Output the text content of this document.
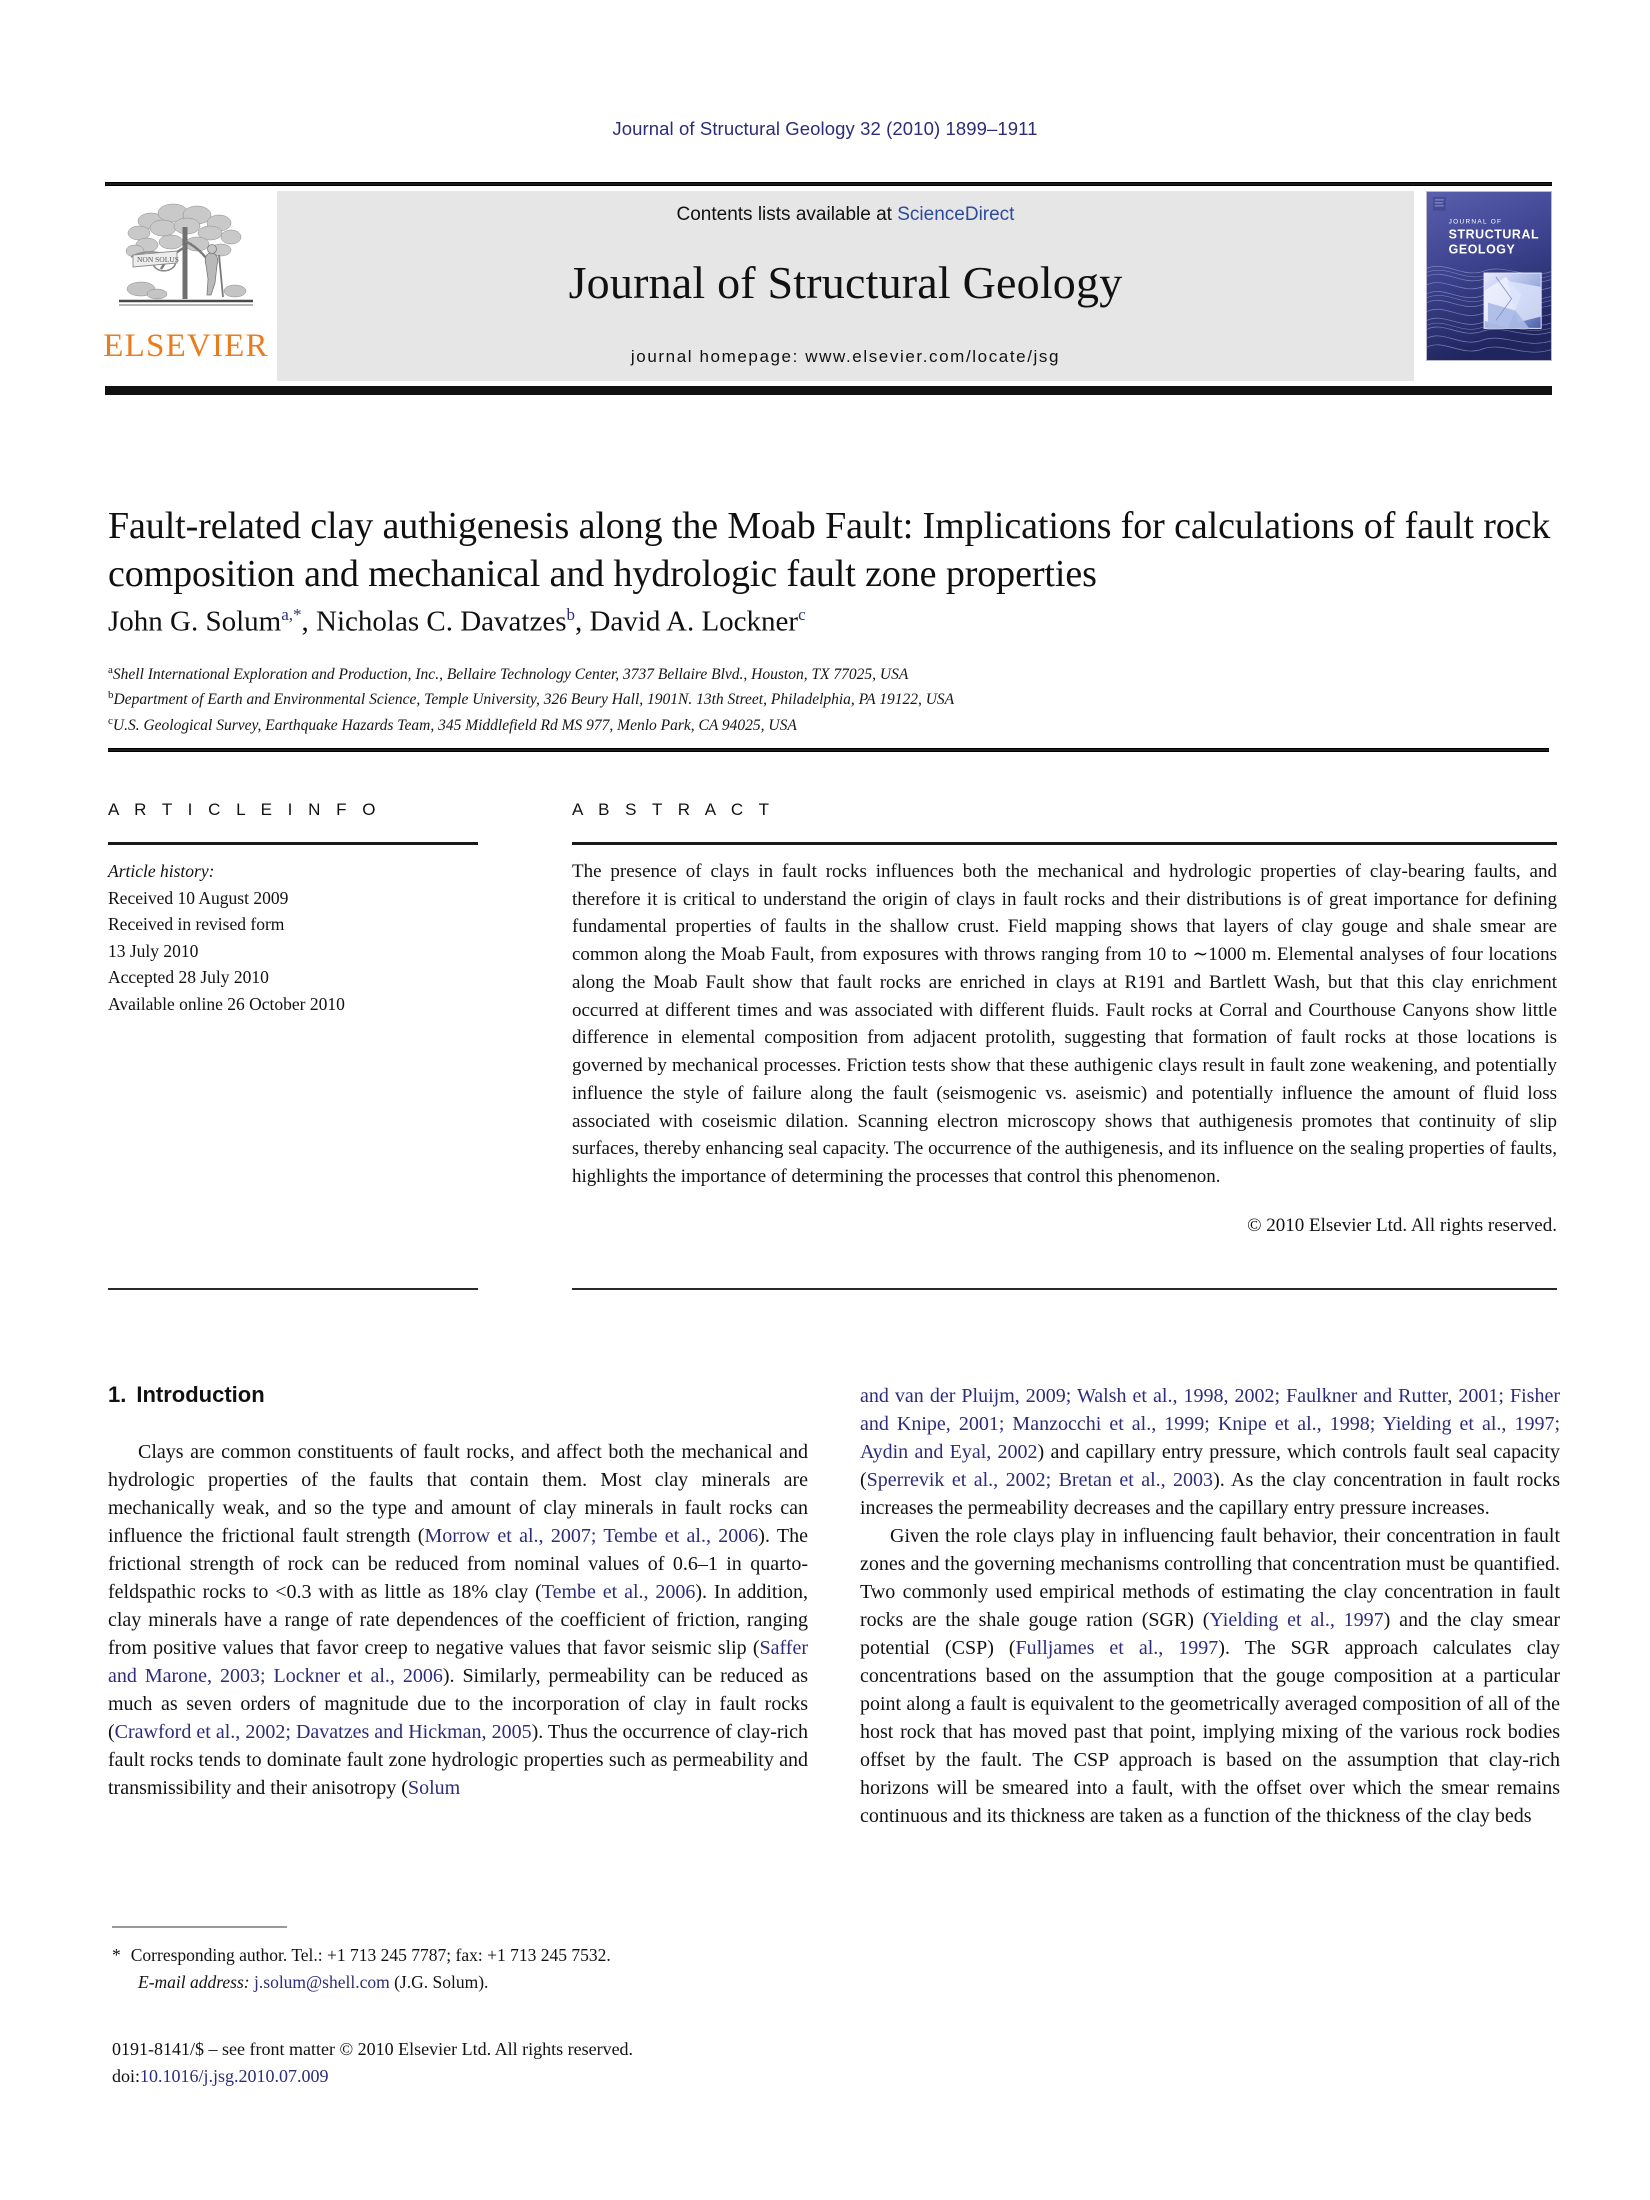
Journal of Structural Geology 32 (2010) 1899–1911
NON SOLUS
ELSEVIER
Contents lists available at ScienceDirect
Journal of Structural Geology
journal homepage: www.elsevier.com/locate/jsg
JOURNAL OF
STRUCTURAL
GEOLOGY
Fault-related clay authigenesis along the Moab Fault: Implications for calculations of fault rock composition and mechanical and hydrologic fault zone properties
John G. Solum$^{a,*}$, Nicholas C. Davatzes$^b$, David A. Lockner$^c$
$^a$Shell International Exploration and Production, Inc., Bellaire Technology Center, 3737 Bellaire Blvd., Houston, TX 77025, USA
$^b$Department of Earth and Environmental Science, Temple University, 326 Beury Hall, 1901N. 13th Street, Philadelphia, PA 19122, USA
$^c$U.S. Geological Survey, Earthquake Hazards Team, 345 Middlefield Rd MS 977, Menlo Park, CA 94025, USA
A R T I C L E I N F O
Article history:
Received 10 August 2009
Received in revised form
13 July 2010
Accepted 28 July 2010
Available online 26 October 2010
A B S T R A C T
The presence of clays in fault rocks influences both the mechanical and hydrologic properties of clay-bearing faults, and therefore it is critical to understand the origin of clays in fault rocks and their distributions is of great importance for defining fundamental properties of faults in the shallow crust. Field mapping shows that layers of clay gouge and shale smear are common along the Moab Fault, from exposures with throws ranging from 10 to ∼1000 m. Elemental analyses of four locations along the Moab Fault show that fault rocks are enriched in clays at R191 and Bartlett Wash, but that this clay enrichment occurred at different times and was associated with different fluids. Fault rocks at Corral and Courthouse Canyons show little difference in elemental composition from adjacent protolith, suggesting that formation of fault rocks at those locations is governed by mechanical processes. Friction tests show that these authigenic clays result in fault zone weakening, and potentially influence the style of failure along the fault (seismogenic vs. aseismic) and potentially influence the amount of fluid loss associated with coseismic dilation. Scanning electron microscopy shows that authigenesis promotes that continuity of slip surfaces, thereby enhancing seal capacity. The occurrence of the authigenesis, and its influence on the sealing properties of faults, highlights the importance of determining the processes that control this phenomenon.
© 2010 Elsevier Ltd. All rights reserved.
1. Introduction

Clays are common constituents of fault rocks, and affect both the mechanical and hydrologic properties of the faults that contain them. Most clay minerals are mechanically weak, and so the type and amount of clay minerals in fault rocks can influence the frictional fault strength (Morrow et al., 2007; Tembe et al., 2006). The frictional strength of rock can be reduced from nominal values of 0.6–1 in quarto-feldspathic rocks to <0.3 with as little as 18% clay (Tembe et al., 2006). In addition, clay minerals have a range of rate dependences of the coefficient of friction, ranging from positive values that favor creep to negative values that favor seismic slip (Saffer and Marone, 2003; Lockner et al., 2006). Similarly, permeability can be reduced as much as seven orders of magnitude due to the incorporation of clay in fault rocks (Crawford et al., 2002; Davatzes and Hickman, 2005). Thus the occurrence of clay-rich fault rocks tends to dominate fault zone hydrologic properties such as permeability and transmissibility and their anisotropy (Solum

and van der Pluijm, 2009; Walsh et al., 1998, 2002; Faulkner and Rutter, 2001; Fisher and Knipe, 2001; Manzocchi et al., 1999; Knipe et al., 1998; Yielding et al., 1997; Aydin and Eyal, 2002) and capillary entry pressure, which controls fault seal capacity (Sperrevik et al., 2002; Bretan et al., 2003). As the clay concentration in fault rocks increases the permeability decreases and the capillary entry pressure increases.

Given the role clays play in influencing fault behavior, their concentration in fault zones and the governing mechanisms controlling that concentration must be quantified. Two commonly used empirical methods of estimating the clay concentration in fault rocks are the shale gouge ration (SGR) (Yielding et al., 1997) and the clay smear potential (CSP) (Fulljames et al., 1997). The SGR approach calculates clay concentrations based on the assumption that the gouge composition at a particular point along a fault is equivalent to the geometrically averaged composition of all of the host rock that has moved past that point, implying mixing of the various rock bodies offset by the fault. The CSP approach is based on the assumption that clay-rich horizons will be smeared into a fault, with the offset over which the smear remains continuous and its thickness are taken as a function of the thickness of the clay beds

* Corresponding author. Tel.: +1 713 245 7787; fax: +1 713 245 7532.
E-mail address: j.solum@shell.com (J.G. Solum).
0191-8141/$ – see front matter © 2010 Elsevier Ltd. All rights reserved.
doi:10.1016/j.jsg.2010.07.009
